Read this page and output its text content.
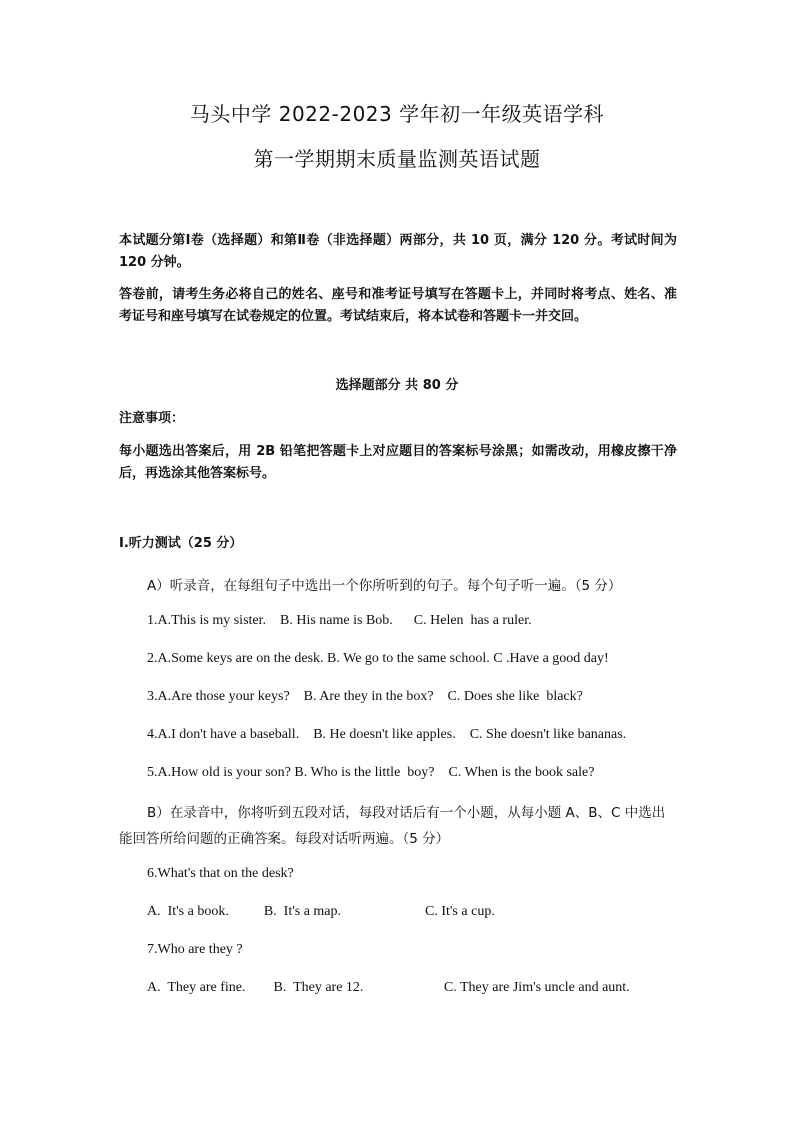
马头中学 2022-2023 学年初一年级英语学科
第一学期期末质量监测英语试题
本试题分第Ⅰ卷（选择题）和第Ⅱ卷（非选择题）两部分，共 10 页，满分 120 分。考试时间为 120 分钟。
答卷前，请考生务必将自己的姓名、座号和准考证号填写在答题卡上，并同时将考点、姓名、准考证号和座号填写在试卷规定的位置。考试结束后，将本试卷和答题卡一并交回。
选择题部分 共 80 分
注意事项：
每小题选出答案后，用 2B 铅笔把答题卡上对应题目的答案标号涂黑；如需改动，用橡皮擦干净后，再选涂其他答案标号。
I.听力测试（25 分）
A）听录音，在每组句子中选出一个你所听到的句子。每个句子听一遍。（5 分）
1.A.This is my sister.    B. His name is Bob.      C. Helen  has a ruler.
2.A.Some keys are on the desk. B. We go to the same school. C .Have a good day!
3.A.Are those your keys?    B. Are they in the box?    C. Does she like  black?
4.A.I don't have a baseball.    B. He doesn't like apples.    C. She doesn't like bananas.
5.A.How old is your son? B. Who is the little  boy?    C. When is the book sale?
B）在录音中，你将听到五段对话，每段对话后有一个小题，从每小题 A、B、C 中选出能回答所给问题的正确答案。每段对话听两遍。（5 分）
6.What's that on the desk?
A.  It's a book.          B.  It's a map.                        C. It's a cup.
7.Who are they ?
A.  They are fine.        B.  They are 12.                       C. They are Jim's uncle and aunt.
